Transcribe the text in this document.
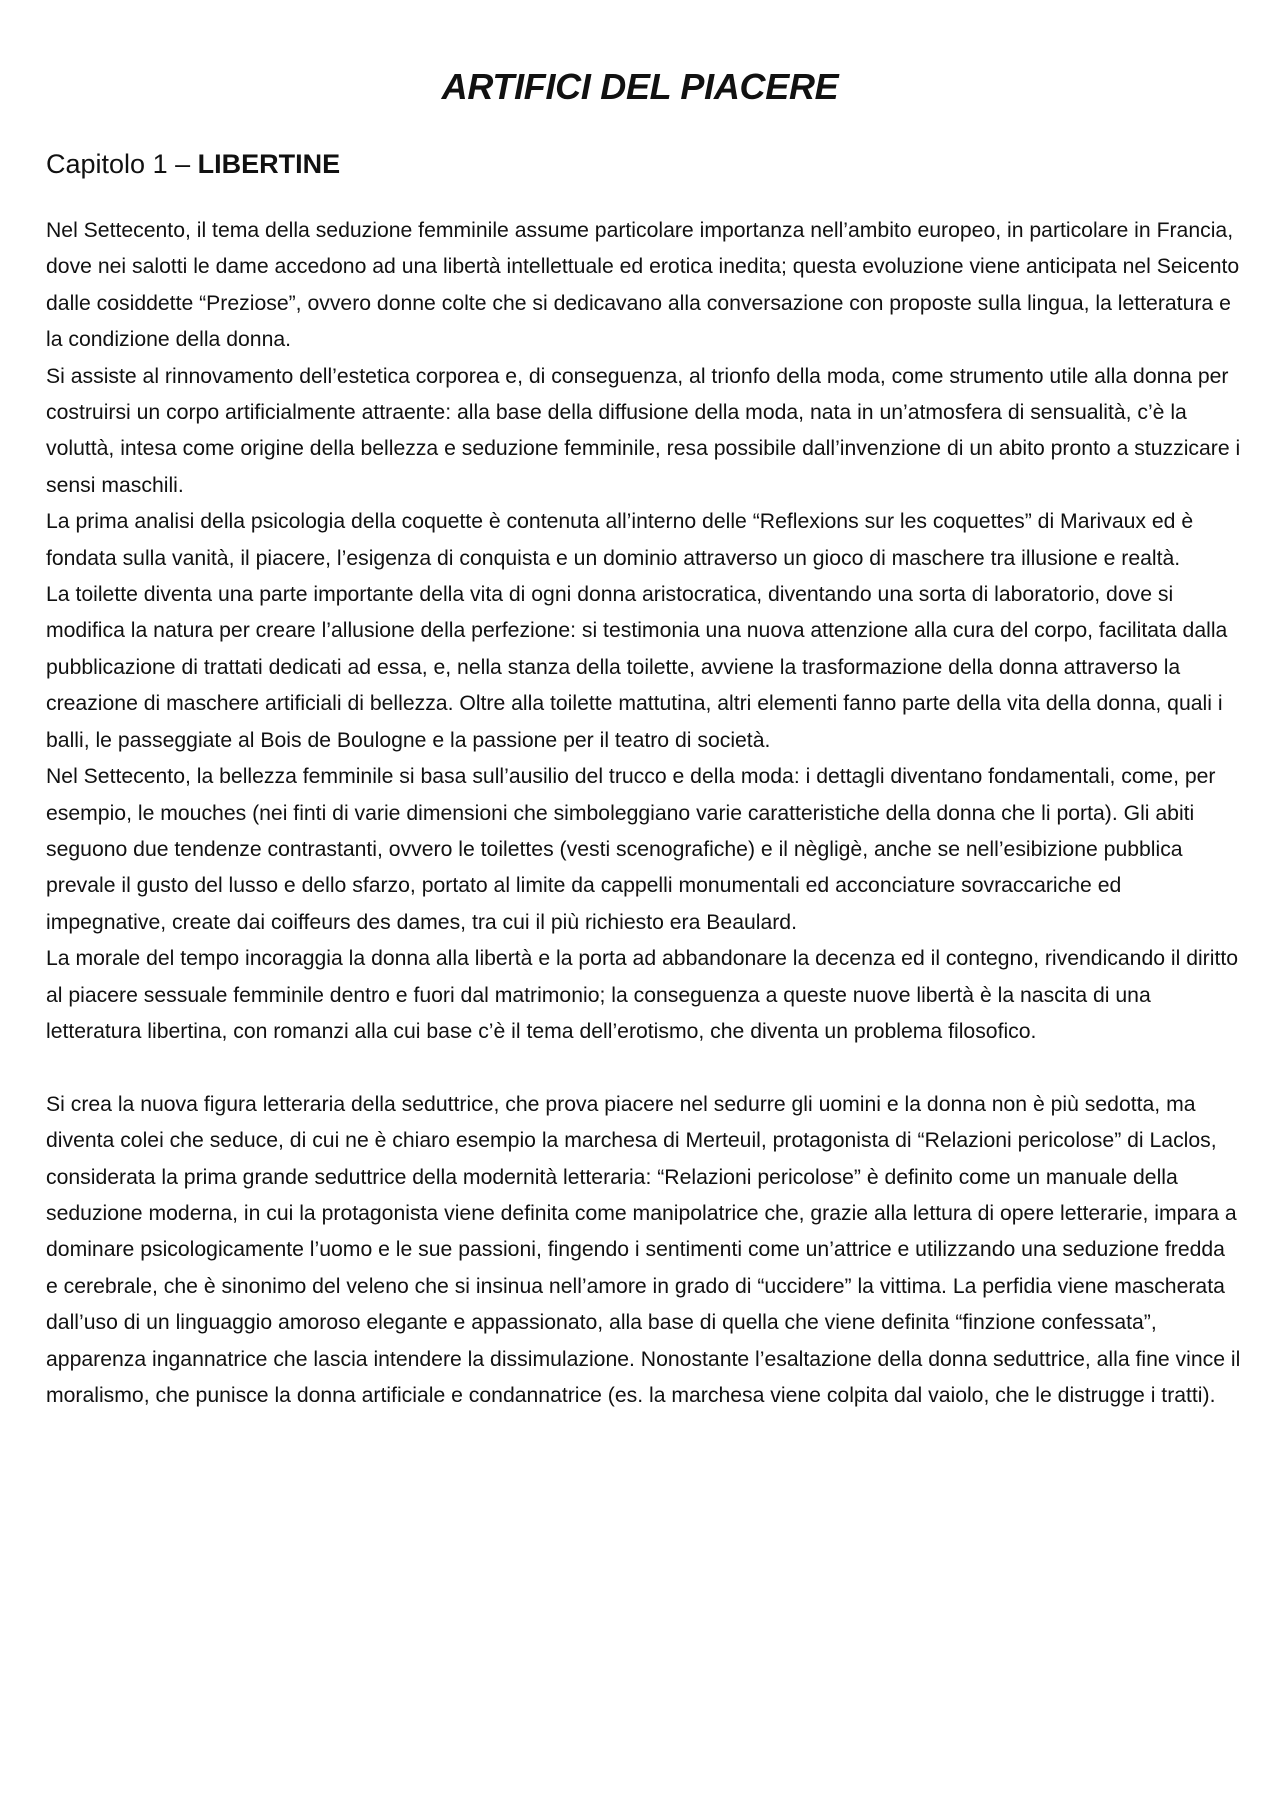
ARTIFICI DEL PIACERE
Capitolo 1 – LIBERTINE

Nel Settecento, il tema della seduzione femminile assume particolare importanza nell’ambito europeo, in particolare in Francia, dove nei salotti le dame accedono ad una libertà intellettuale ed erotica inedita; questa evoluzione viene anticipata nel Seicento dalle cosiddette “Preziose”, ovvero donne colte che si dedicavano alla conversazione con proposte sulla lingua, la letteratura e la condizione della donna.

Si assiste al rinnovamento dell’estetica corporea e, di conseguenza, al trionfo della moda, come strumento utile alla donna per costruirsi un corpo artificialmente attraente: alla base della diffusione della moda, nata in un’atmosfera di sensualità, c’è la voluttà, intesa come origine della bellezza e seduzione femminile, resa possibile dall’invenzione di un abito pronto a stuzzicare i sensi maschili.

La prima analisi della psicologia della coquette è contenuta all’interno delle “Reflexions sur les coquettes” di Marivaux ed è fondata sulla vanità, il piacere, l’esigenza di conquista e un dominio attraverso un gioco di maschere tra illusione e realtà.

La toilette diventa una parte importante della vita di ogni donna aristocratica, diventando una sorta di laboratorio, dove si modifica la natura per creare l’allusione della perfezione: si testimonia una nuova attenzione alla cura del corpo, facilitata dalla pubblicazione di trattati dedicati ad essa, e, nella stanza della toilette, avviene la trasformazione della donna attraverso la creazione di maschere artificiali di bellezza. Oltre alla toilette mattutina, altri elementi fanno parte della vita della donna, quali i balli, le passeggiate al Bois de Boulogne e la passione per il teatro di società.

Nel Settecento, la bellezza femminile si basa sull’ausilio del trucco e della moda: i dettagli diventano fondamentali, come, per esempio, le mouches (nei finti di varie dimensioni che simboleggiano varie caratteristiche della donna che li porta). Gli abiti seguono due tendenze contrastanti, ovvero le toilettes (vesti scenografiche) e il nègligè, anche se nell’esibizione pubblica prevale il gusto del lusso e dello sfarzo, portato al limite da cappelli monumentali ed acconciature sovraccariche ed impegnative, create dai coiffeurs des dames, tra cui il più richiesto era Beaulard.

La morale del tempo incoraggia la donna alla libertà e la porta ad abbandonare la decenza ed il contegno, rivendicando il diritto al piacere sessuale femminile dentro e fuori dal matrimonio; la conseguenza a queste nuove libertà è la nascita di una letteratura libertina, con romanzi alla cui base c’è il tema dell’erotismo, che diventa un problema filosofico.

Si crea la nuova figura letteraria della seduttrice, che prova piacere nel sedurre gli uomini e la donna non è più sedotta, ma diventa colei che seduce, di cui ne è chiaro esempio la marchesa di Merteuil, protagonista di “Relazioni pericolose” di Laclos, considerata la prima grande seduttrice della modernità letteraria: “Relazioni pericolose” è definito come un manuale della seduzione moderna, in cui la protagonista viene definita come manipolatrice che, grazie alla lettura di opere letterarie, impara a dominare psicologicamente l’uomo e le sue passioni, fingendo i sentimenti come un’attrice e utilizzando una seduzione fredda e cerebrale, che è sinonimo del veleno che si insinua nell’amore in grado di “uccidere” la vittima. La perfidia viene mascherata dall’uso di un linguaggio amoroso elegante e appassionato, alla base di quella che viene definita “finzione confessata”, apparenza ingannatrice che lascia intendere la dissimulazione. Nonostante l’esaltazione della donna seduttrice, alla fine vince il moralismo, che punisce la donna artificiale e condannatrice (es. la marchesa viene colpita dal vaiolo, che le distrugge i tratti).
